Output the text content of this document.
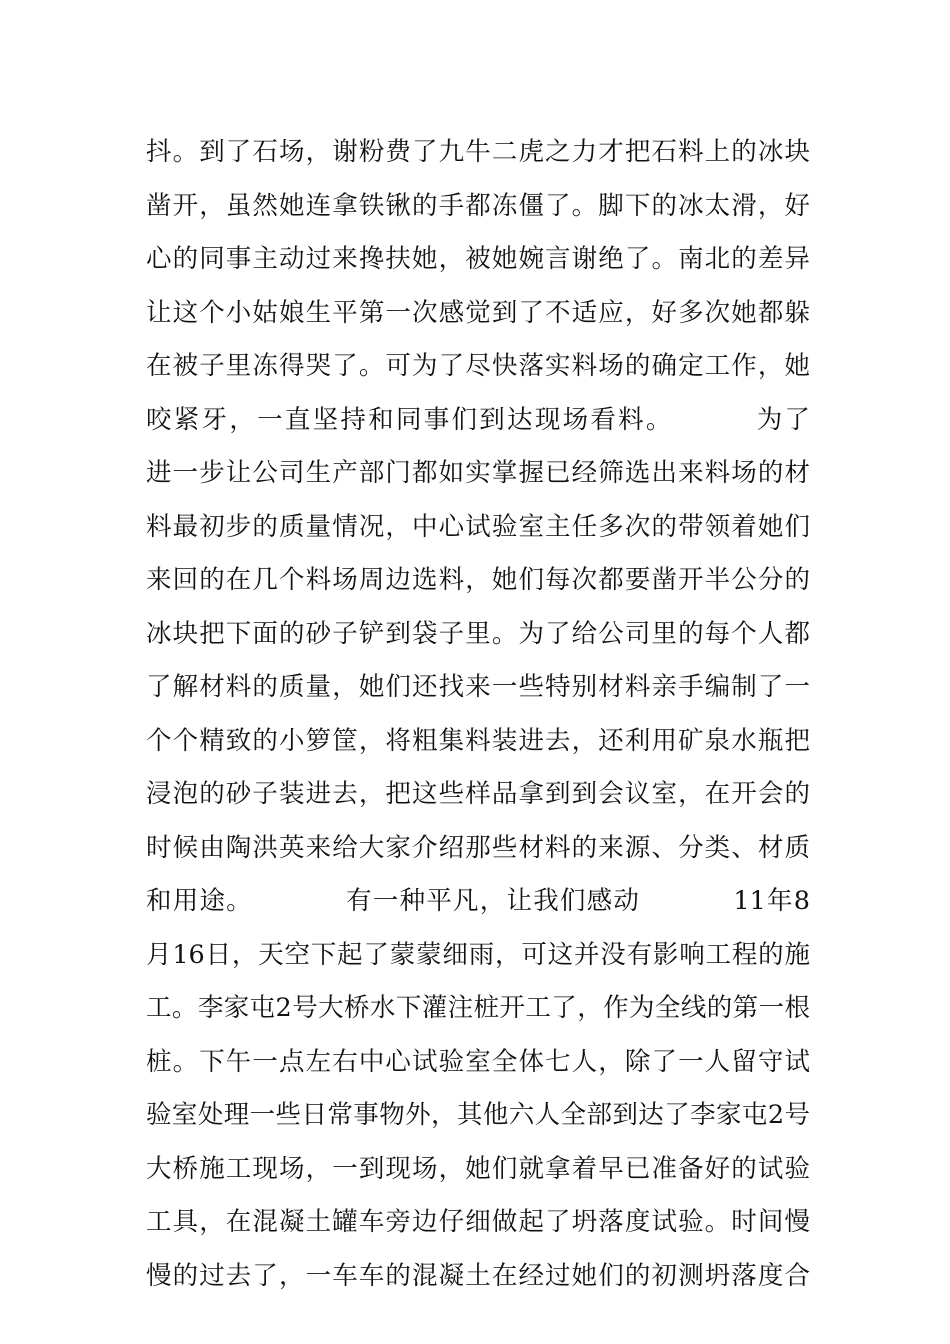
抖。到了石场，谢粉费了九牛二虎之力才把石料上的冰块
凿开，虽然她连拿铁锹的手都冻僵了。脚下的冰太滑，好
心的同事主动过来搀扶她，被她婉言谢绝了。南北的差异
让这个小姑娘生平第一次感觉到了不适应，好多次她都躲
在被子里冻得哭了。可为了尽快落实料场的确定工作，她
咬紧牙，一直坚持和同事们到达现场看料。        为了
进一步让公司生产部门都如实掌握已经筛选出来料场的材
料最初步的质量情况，中心试验室主任多次的带领着她们
来回的在几个料场周边选料，她们每次都要凿开半公分的
冰块把下面的砂子铲到袋子里。为了给公司里的每个人都
了解材料的质量，她们还找来一些特别材料亲手编制了一
个个精致的小箩筐，将粗集料装进去，还利用矿泉水瓶把
浸泡的砂子装进去，把这些样品拿到到会议室，在开会的
时候由陶洪英来给大家介绍那些材料的来源、分类、材质
和用途。          有一种平凡，让我们感动          11年8
月16日，天空下起了蒙蒙细雨，可这并没有影响工程的施
工。李家屯2号大桥水下灌注桩开工了，作为全线的第一根
桩。下午一点左右中心试验室全体七人，除了一人留守试
验室处理一些日常事物外，其他六人全部到达了李家屯2号
大桥施工现场，一到现场，她们就拿着早已准备好的试验
工具，在混凝土罐车旁边仔细做起了坍落度试验。时间慢
慢的过去了，一车车的混凝土在经过她们的初测坍落度合
